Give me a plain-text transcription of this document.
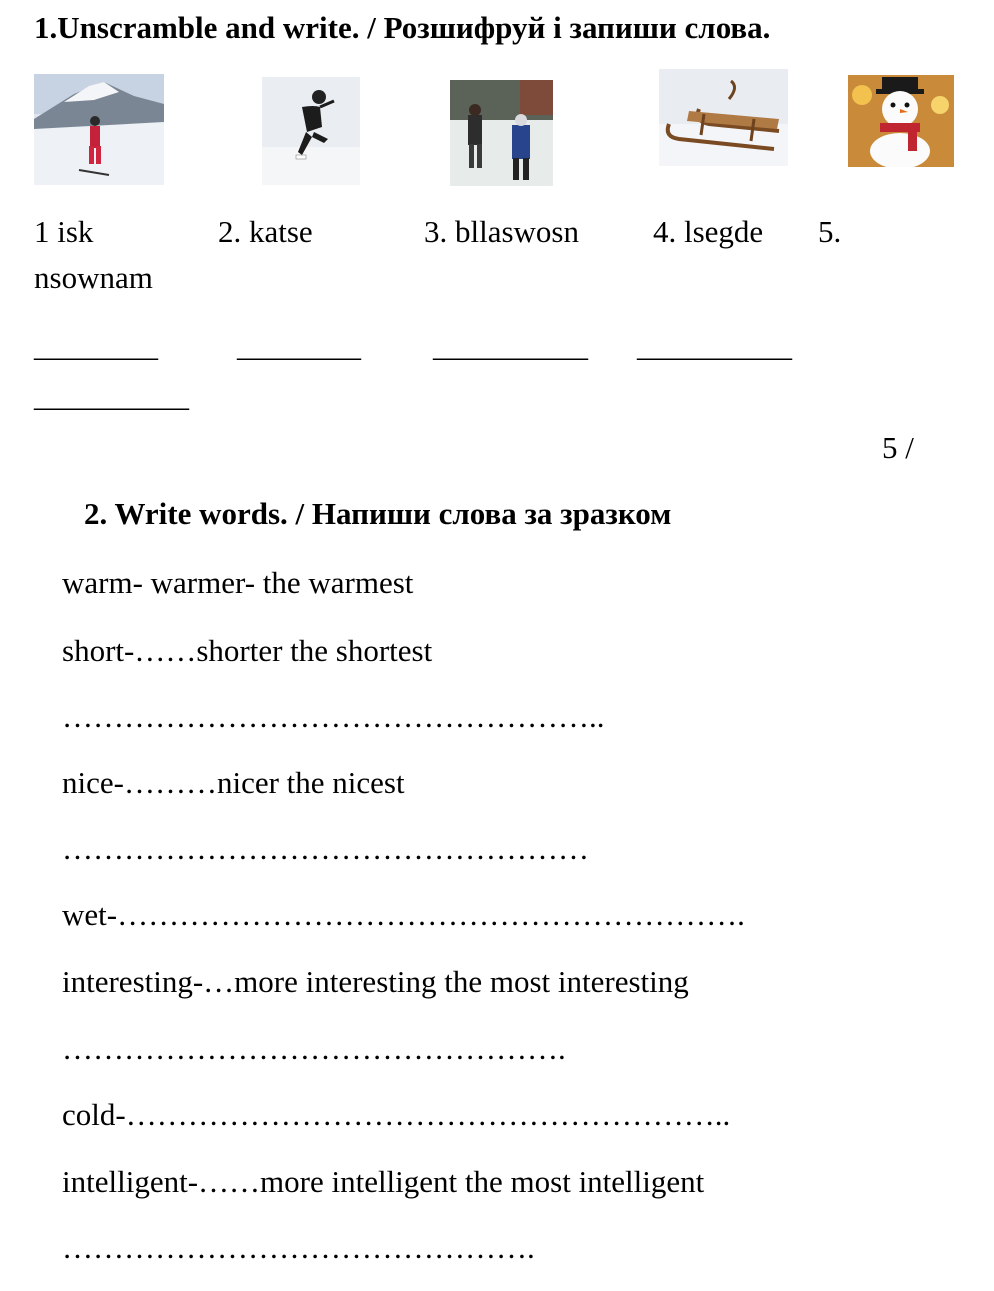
1.Unscramble and write. / Розшифруй і запиши слова.
1 isk	2. katse	3. bllaswosn 4. lsegde 5.
nsownam
________	________ __________ __________
__________
5 /
2. Write words. / Напиши слова за зразком
warm- warmer- the warmest
short-……shorter the shortest
……………………………………………..
nice-………nicer the nicest
……………………………………………
wet-…………………………………………………….
interesting-…more interesting the most interesting
………………………………………….
cold-…………………………………………………..
intelligent-……more intelligent the most intelligent
……………………………………….
